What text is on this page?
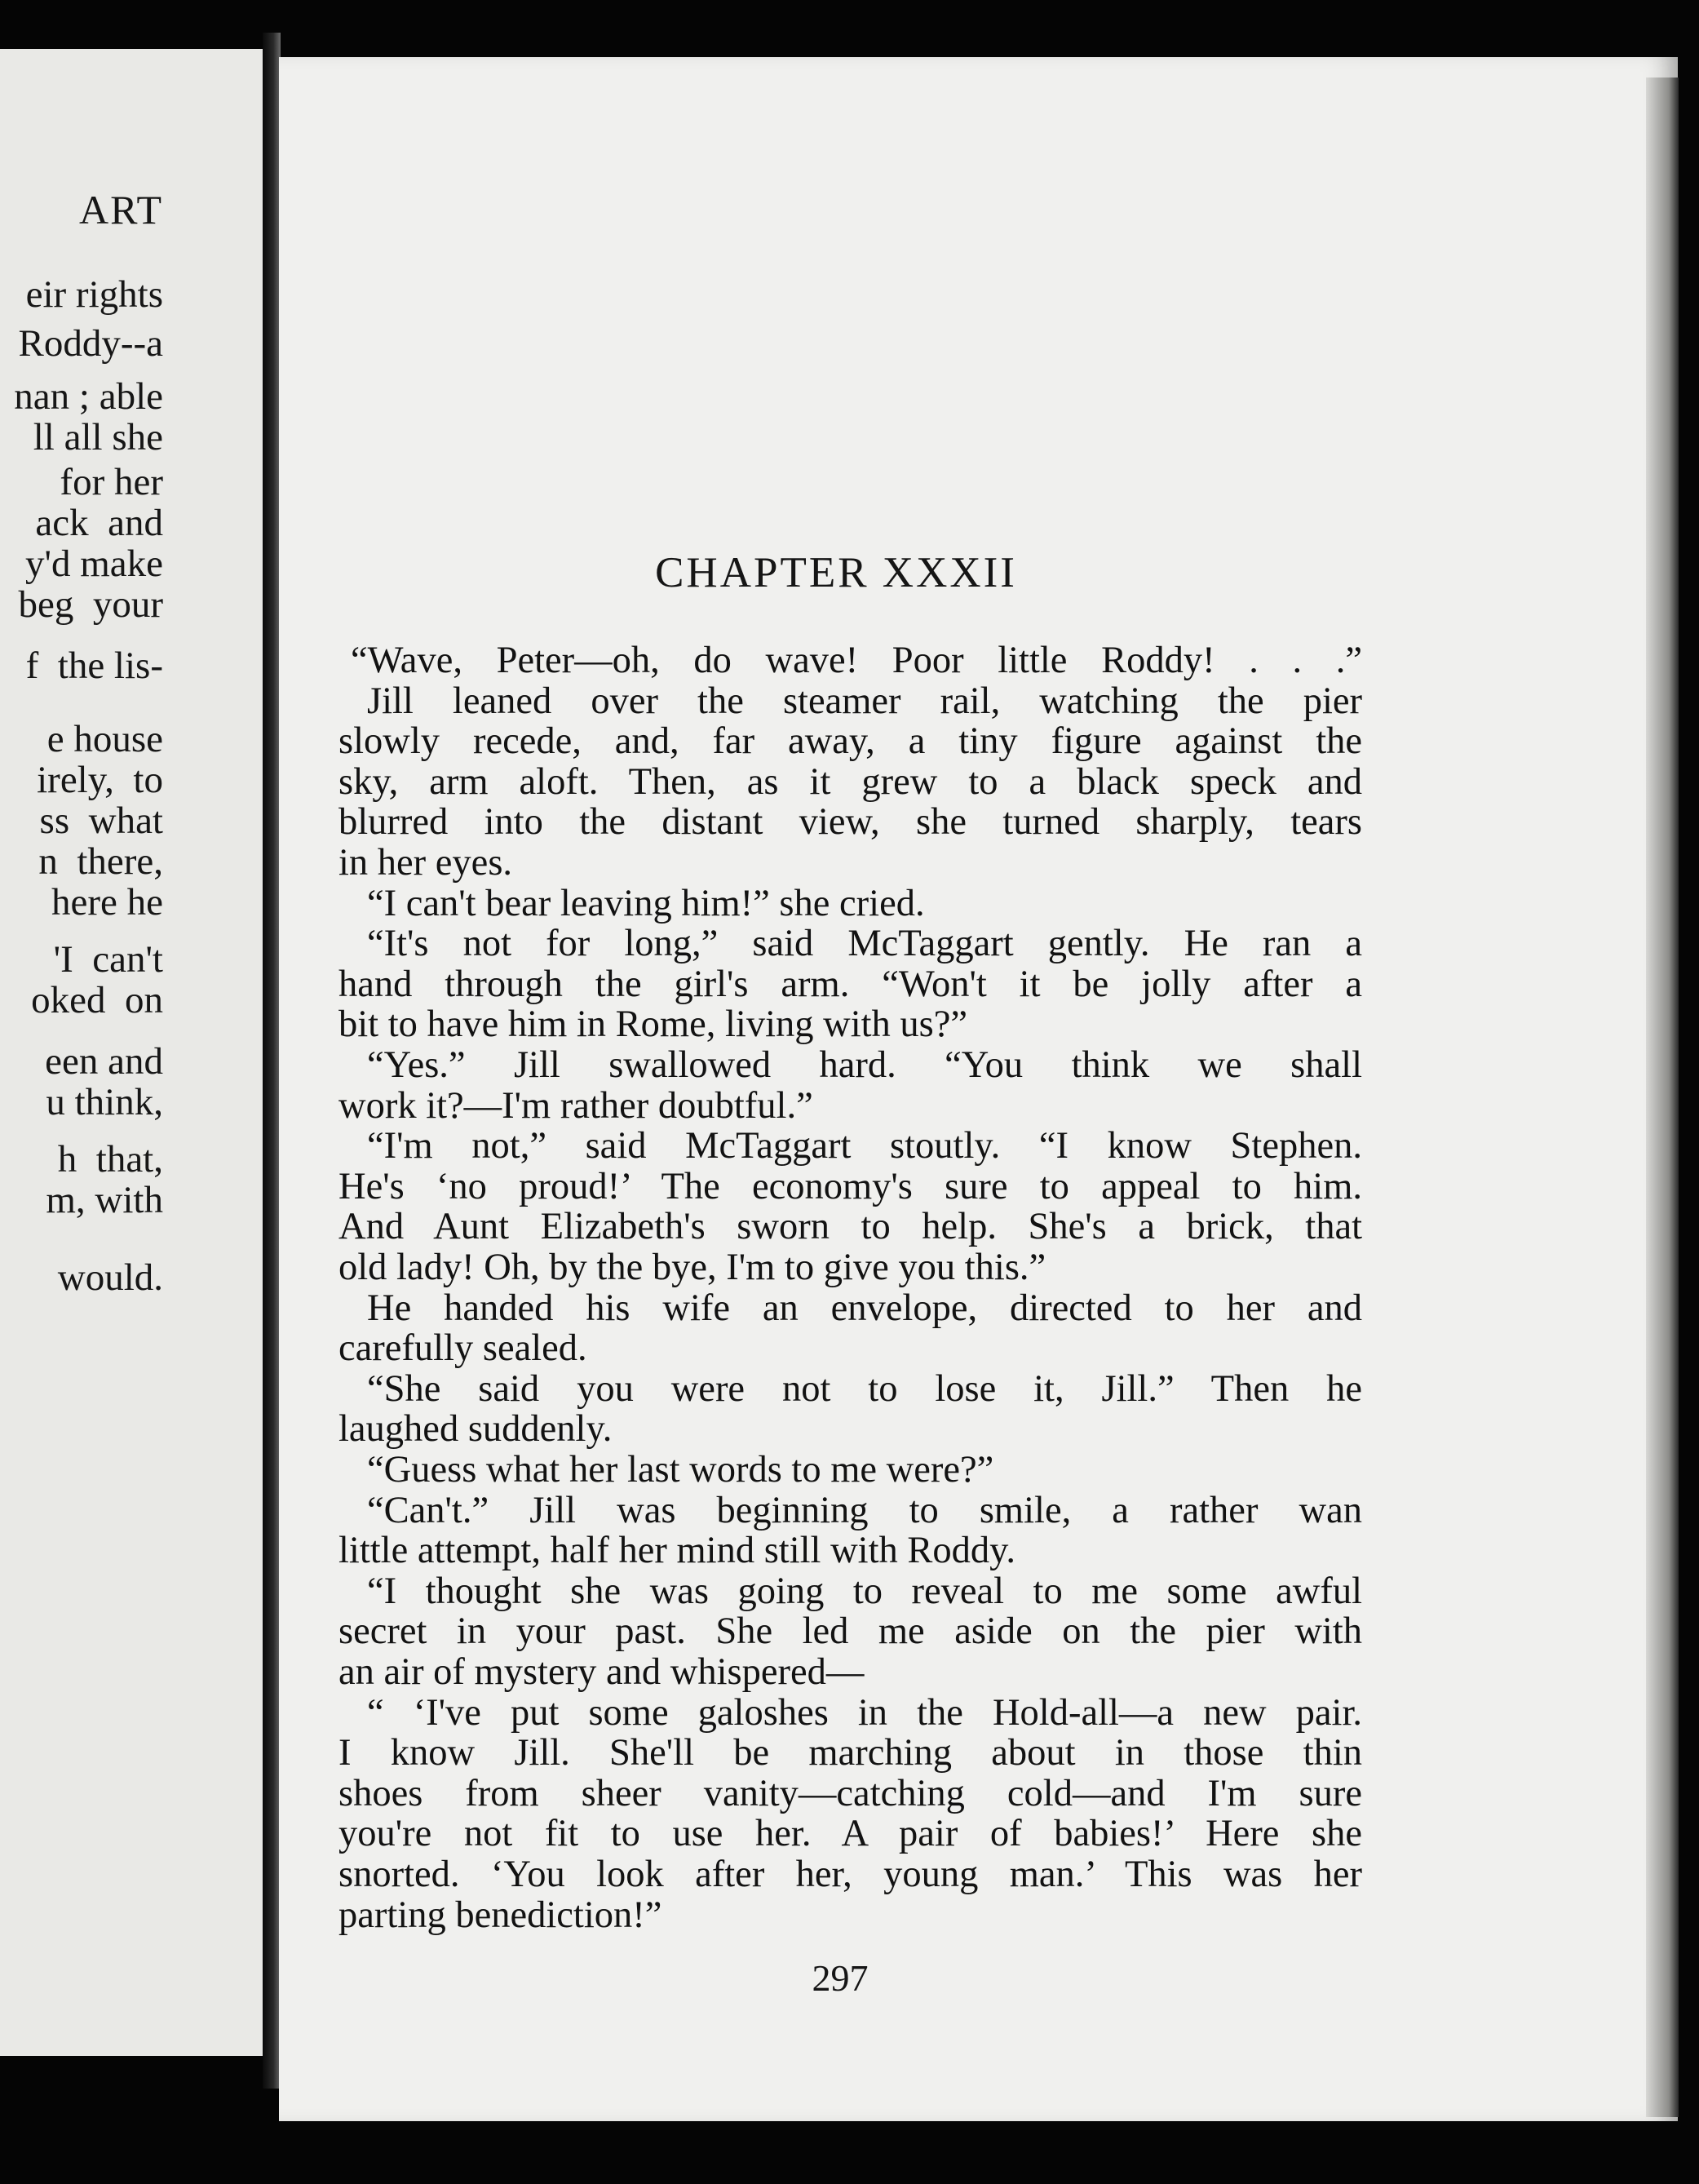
ART
eir rights
Roddy--a
nan ; able
ll all she
for her
ack  and
y'd make
beg  your
f  the lis-
e house
irely,  to
ss  what
n  there,
here he
'I  can't
oked  on
een and
u think,
h  that,
m, with
would.
CHAPTER XXXII
“Wave, Peter—oh, do wave! Poor little Roddy! . . .”
Jill leaned over the steamer rail, watching the pier
slowly recede, and, far away, a tiny figure against the
sky, arm aloft. Then, as it grew to a black speck and
blurred into the distant view, she turned sharply, tears
in her eyes.
“I can't bear leaving him!” she cried.
“It's not for long,” said McTaggart gently. He ran a
hand through the girl's arm. “Won't it be jolly after a
bit to have him in Rome, living with us?”
“Yes.” Jill swallowed hard. “You think we shall
work it?—I'm rather doubtful.”
“I'm not,” said McTaggart stoutly. “I know Stephen.
He's ‘no proud!’ The economy's sure to appeal to him.
And Aunt Elizabeth's sworn to help. She's a brick, that
old lady! Oh, by the bye, I'm to give you this.”
He handed his wife an envelope, directed to her and
carefully sealed.
“She said you were not to lose it, Jill.” Then he
laughed suddenly.
“Guess what her last words to me were?”
“Can't.” Jill was beginning to smile, a rather wan
little attempt, half her mind still with Roddy.
“I thought she was going to reveal to me some awful
secret in your past. She led me aside on the pier with
an air of mystery and whispered—
“ ‘I've put some galoshes in the Hold-all—a new pair.
I know Jill. She'll be marching about in those thin
shoes from sheer vanity—catching cold—and I'm sure
you're not fit to use her. A pair of babies!’ Here she
snorted. ‘You look after her, young man.’ This was her
parting benediction!”
297
